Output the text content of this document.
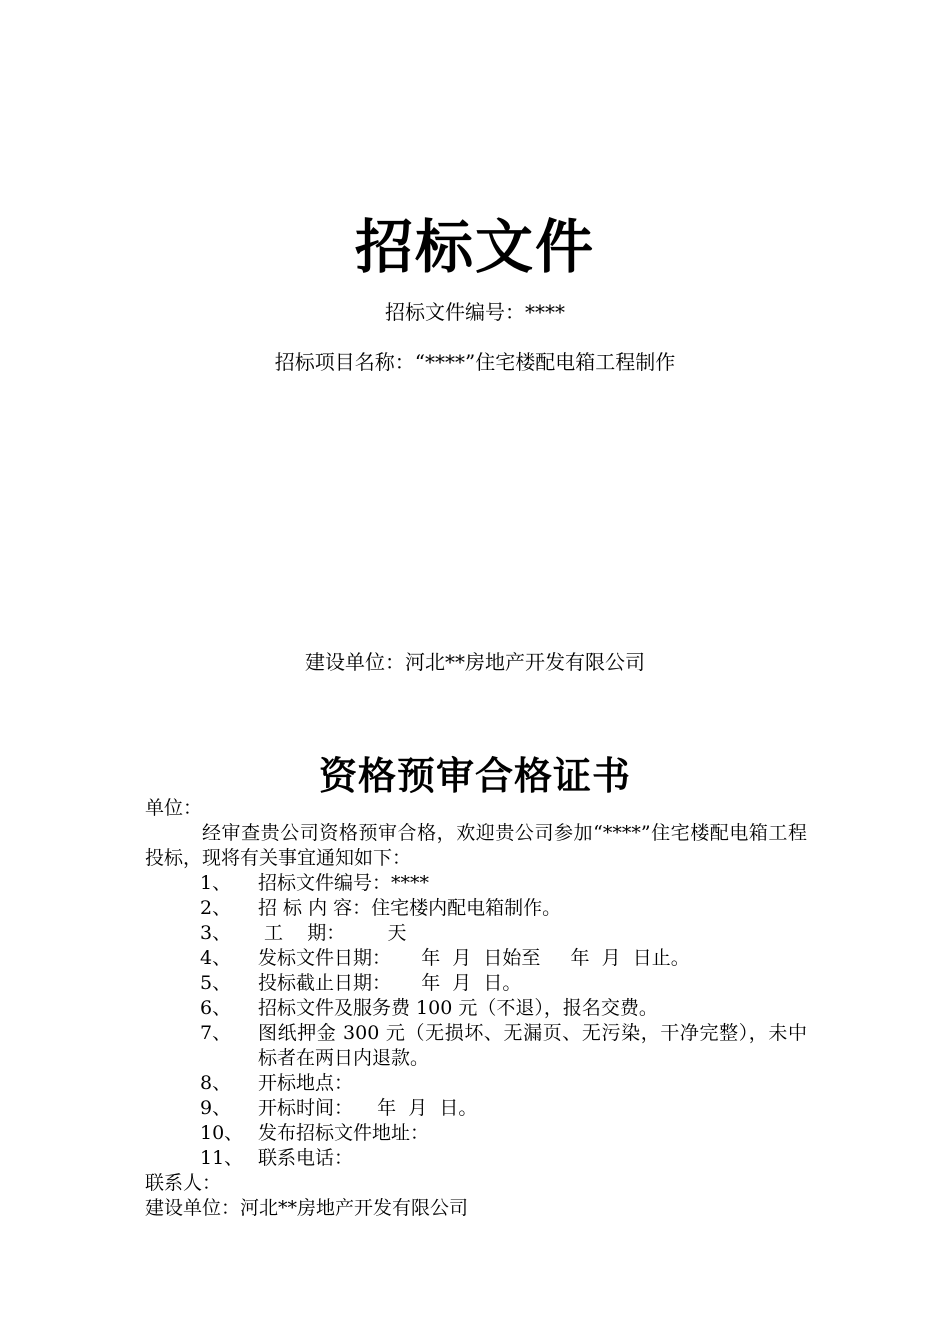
招标文件
招标文件编号：****
招标项目名称：“****”住宅楼配电箱工程制作
建设单位：河北**房地产开发有限公司
资格预审合格证书
单位：
经审查贵公司资格预审合格，欢迎贵公司参加“****”住宅楼配电箱工程投标，现将有关事宜通知如下：
1、	招标文件编号：****
2、	招 标 内 容：住宅楼内配电箱制作。
3、	工    期：       天
4、	发标文件日期：     年  月  日始至     年  月  日止。
5、	投标截止日期：     年  月  日。
6、	招标文件及服务费 100 元（不退），报名交费。
7、	图纸押金 300 元（无损坏、无漏页、无污染，干净完整），未中标者在两日内退款。
8、	开标地点：
9、	开标时间：    年  月  日。
10、 发布招标文件地址：
11、 联系电话：
联系人：
建设单位：河北**房地产开发有限公司
